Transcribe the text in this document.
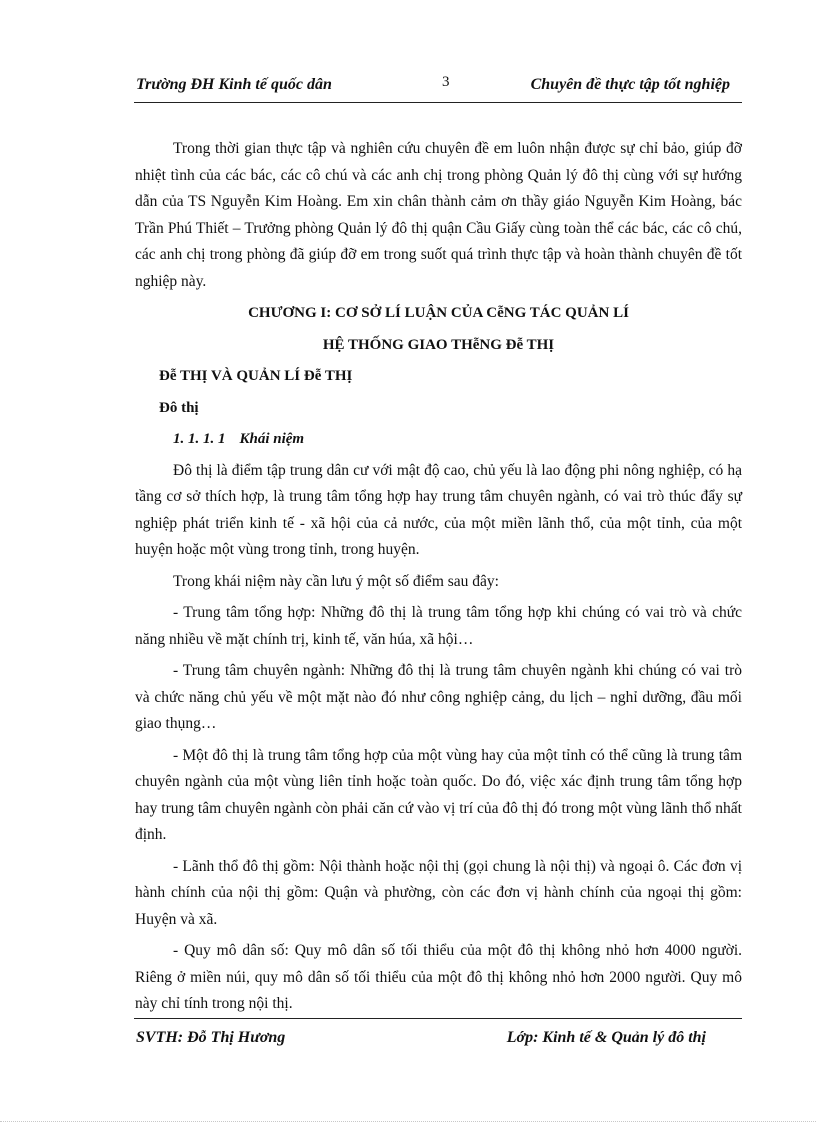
Trường ĐH Kinh tế quốc dân	3	Chuyên đề thực tập tốt nghiệp

Trong thời gian thực tập và nghiên cứu chuyên đề em luôn nhận được sự chỉ bảo, giúp đỡ nhiệt tình của các bác, các cô chú và các anh chị trong phòng Quản lý đô thị cùng với sự hướng dẫn của TS Nguyễn Kim Hoàng. Em xin chân thành cảm ơn thầy giáo Nguyễn Kim Hoàng, bác Trần Phú Thiết – Trưởng phòng Quản lý đô thị quận Cầu Giấy cùng toàn thể các bác, các cô chú, các anh chị trong phòng đã giúp đỡ em trong suốt quá trình thực tập và hoàn thành chuyên đề tốt nghiệp này.

CHƯƠNG I: CƠ SỞ LÍ LUẬN CỦA CễNG TÁC QUẢN LÍ
HỆ THỐNG GIAO THễNG Đễ THỊ
Đễ THỊ VÀ QUẢN LÍ Đễ THỊ
Đô thị
1. 1. 1. 1 Khái niệm

Đô thị là điểm tập trung dân cư với mật độ cao, chủ yếu là lao động phi nông nghiệp, có hạ tầng cơ sở thích hợp, là trung tâm tổng hợp hay trung tâm chuyên ngành, có vai trò thúc đẩy sự nghiệp phát triển kinh tế - xã hội của cả nước, của một miền lãnh thổ, của một tỉnh, của một huyện hoặc một vùng trong tỉnh, trong huyện.

Trong khái niệm này cần lưu ý một số điểm sau đây:

- Trung tâm tổng hợp: Những đô thị là trung tâm tổng hợp khi chúng có vai trò và chức năng nhiều về mặt chính trị, kinh tế, văn húa, xã hội…

- Trung tâm chuyên ngành: Những đô thị là trung tâm chuyên ngành khi chúng có vai trò và chức năng chủ yếu về một mặt nào đó như công nghiệp cảng, du lịch – nghỉ dưỡng, đầu mối giao thụng…

- Một đô thị là trung tâm tổng hợp của một vùng hay của một tỉnh có thể cũng là trung tâm chuyên ngành của một vùng liên tỉnh hoặc toàn quốc. Do đó, việc xác định trung tâm tổng hợp hay trung tâm chuyên ngành còn phải căn cứ vào vị trí của đô thị đó trong một vùng lãnh thổ nhất định.

- Lãnh thổ đô thị gồm: Nội thành hoặc nội thị (gọi chung là nội thị) và ngoại ô. Các đơn vị hành chính của nội thị gồm: Quận và phường, còn các đơn vị hành chính của ngoại thị gồm: Huyện và xã.

- Quy mô dân số: Quy mô dân số tối thiểu của một đô thị không nhỏ hơn 4000 người. Riêng ở miền núi, quy mô dân số tối thiểu của một đô thị không nhỏ hơn 2000 người. Quy mô này chỉ tính trong nội thị.

SVTH: Đỗ Thị Hương	Lớp: Kinh tế & Quản lý đô thị
